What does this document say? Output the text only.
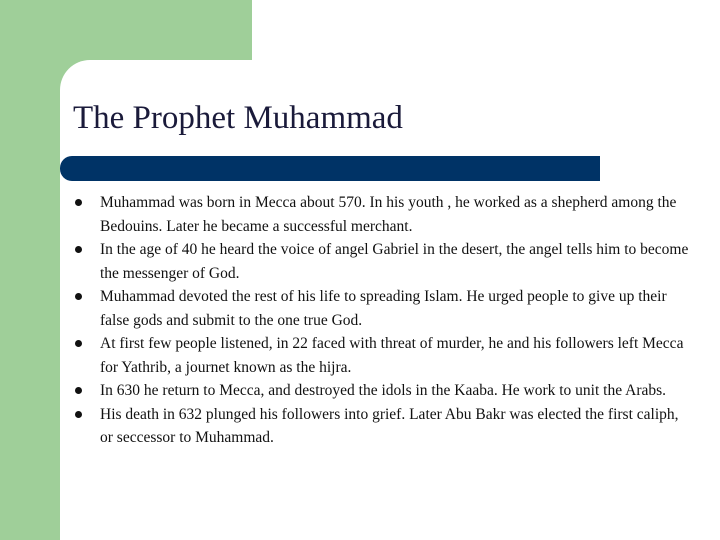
The Prophet Muhammad
Muhammad was born in Mecca about 570. In his youth , he worked as a shepherd among the Bedouins. Later he became a successful merchant.
In the age of 40 he heard the voice of angel Gabriel in the desert, the angel tells him to become the messenger of God.
Muhammad devoted the rest of his life to spreading Islam. He urged people to give up their false gods and submit to the one true God.
At first few people listened, in 22 faced with threat of murder, he and his followers left Mecca for Yathrib, a journet known as the hijra.
In 630 he return to Mecca, and destroyed the idols in the Kaaba. He work to unit the Arabs.
His death in 632 plunged his followers into grief. Later Abu Bakr was elected the first caliph, or seccessor to Muhammad.
